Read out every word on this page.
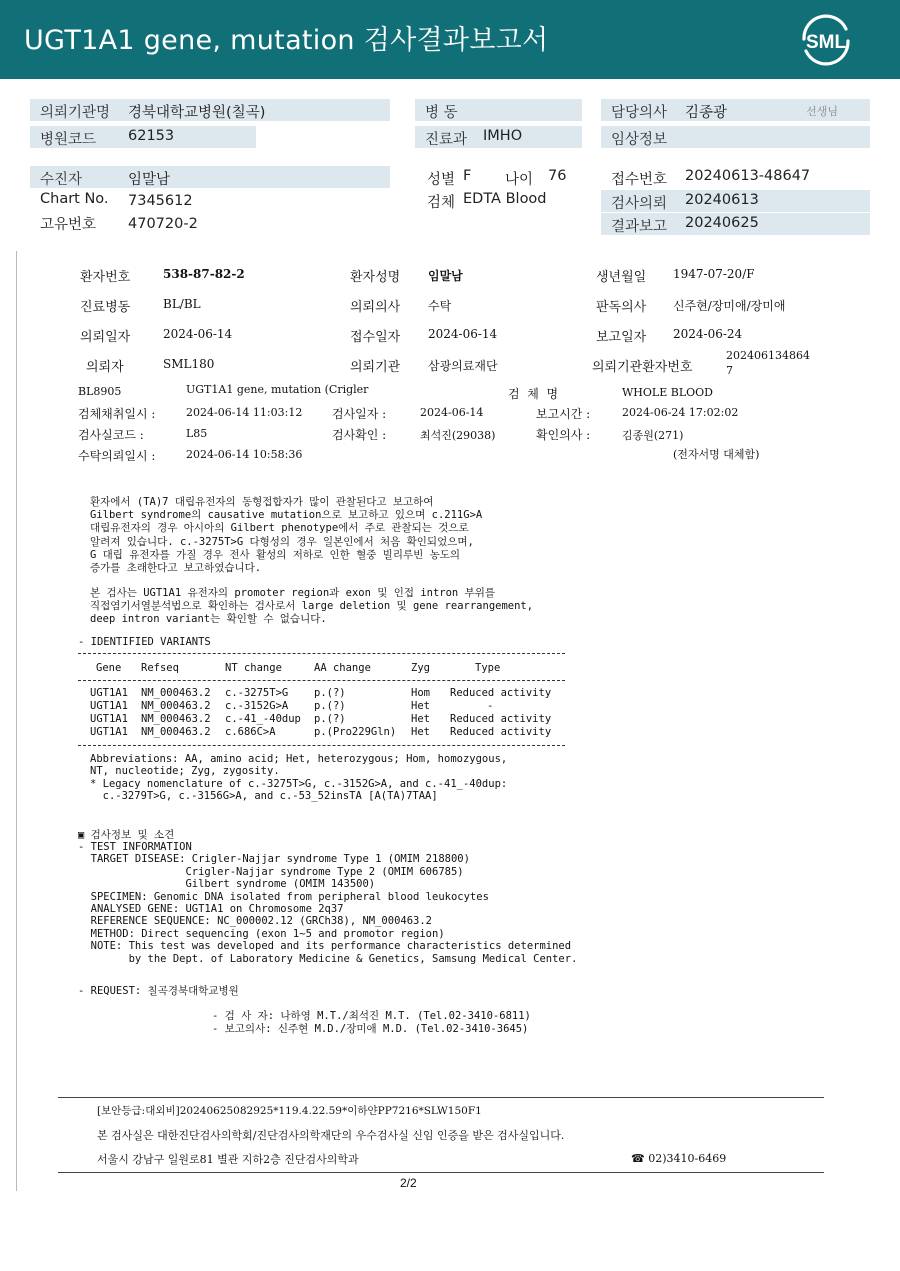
UGT1A1 gene, mutation 검사결과보고서	SML
의뢰기관명 경북대학교병원(칠곡)
병원코드 62153
병 동
진료과 IMHO
담당의사 김종광	선생님
임상정보
수진자	임말남
Chart No. 7345612
고유번호 470720-2
성별 F 나이 76
검체 EDTA Blood
접수번호 20240613-48647
검사의뢰 20240613
결과보고 20240625
환자번호	538-87-82-2	환자성명 임말남	생년월일 1947-07-20/F
진료병동	BL/BL	의뢰의사 수탁	판독의사 신주현/장미애/장미애
의뢰일자	2024-06-14	접수일자 2024-06-14	보고일자 2024-06-24
의뢰자	SML180	의뢰기관 삼광의료재단	의뢰기관환자번호
202406134864
7
BL8905	UGT1A1 gene, mutation (Crigler	검  체  명	WHOLE BLOOD
검체채취일시 :	2024-06-14 11:03:12 검사일자 :	2024-06-14	보고시간 :	2024-06-24 17:02:02
검사실코드 :	L85	검사확인 :	최석진(29038)	확인의사 :	김종원(271)
수탁의뢰일시 :	2024-06-14 10:58:36	(전자서명 대체함)
환자에서 (TA)7 대립유전자의 동형접합자가 많이 관찰된다고 보고하여
Gilbert syndrome의 causative mutation으로 보고하고 있으며 c.211G>A
대립유전자의 경우 아시아의 Gilbert phenotype에서 주로 관찰되는 것으로
알려져 있습니다. c.-3275T>G 다형성의 경우 일본인에서 처음 확인되었으며,
G 대립 유전자를 가질 경우 전사 활성의 저하로 인한 혈중 빌리루빈 농도의
증가를 초래한다고 보고하였습니다.
본 검사는 UGT1A1 유전자의 promoter region과 exon 및 인접 intron 부위를
직접염기서열분석법으로 확인하는 검사로서 large deletion 및 gene rearrangement,
deep intron variant는 확인할 수 없습니다.
- IDENTIFIED VARIANTS
Gene Refseq	NT change	AA change	Zyg	Type
UGT1A1 NM_000463.2 c.-3275T>G p.(?)	Hom Reduced activity
UGT1A1 NM_000463.2 c.-3152G>A p.(?)	Het	-
UGT1A1 NM_000463.2 c.-41_-40dup p.(?)	Het Reduced activity
UGT1A1 NM_000463.2 c.686C>A	p.(Pro229Gln) Het Reduced activity
Abbreviations: AA, amino acid; Het, heterozygous; Hom, homozygous,
NT, nucleotide; Zyg, zygosity.
* Legacy nomenclature of c.-3275T>G, c.-3152G>A, and c.-41_-40dup:
c.-3279T>G, c.-3156G>A, and c.-53_52insTA [A(TA)7TAA]
▣ 검사정보 및 소견
- TEST INFORMATION
TARGET DISEASE: Crigler-Najjar syndrome Type 1 (OMIM 218800)
Crigler-Najjar syndrome Type 2 (OMIM 606785)
Gilbert syndrome (OMIM 143500)
SPECIMEN: Genomic DNA isolated from peripheral blood leukocytes
ANALYSED GENE: UGT1A1 on Chromosome 2q37
REFERENCE SEQUENCE: NC_000002.12 (GRCh38), NM_000463.2
METHOD: Direct sequencing (exon 1~5 and promotor region)
NOTE: This test was developed and its performance characteristics determined
by the Dept. of Laboratory Medicine & Genetics, Samsung Medical Center.
- REQUEST: 칠곡경북대학교병원
- 검 사 자: 나하영 M.T./최석진 M.T. (Tel.02-3410-6811)
- 보고의사: 신주현 M.D./장미애 M.D. (Tel.02-3410-3645)
[보안등급:대외비]20240625082925*119.4.22.59*이하얀PP7216*SLW150F1
본 검사실은 대한진단검사의학회/진단검사의학재단의 우수검사실 신임 인증을 받은 검사실입니다.
서울시 강남구 일원로81 별관 지하2층 진단검사의학과	☎ 02)3410-6469
2/2
